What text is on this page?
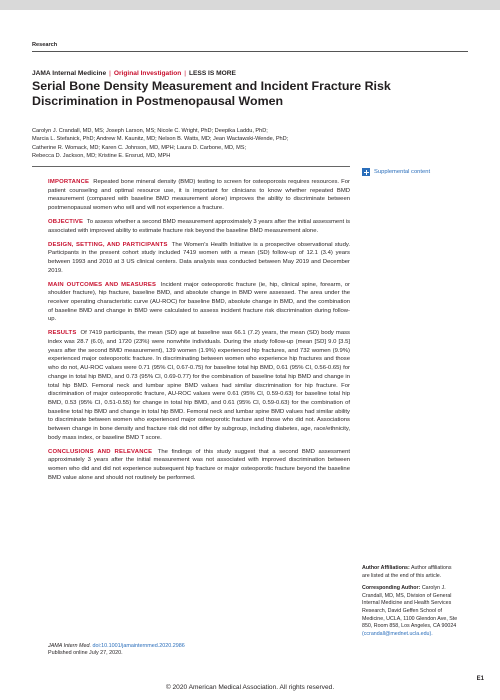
Research
JAMA Internal Medicine | Original Investigation | LESS IS MORE
Serial Bone Density Measurement and Incident Fracture Risk Discrimination in Postmenopausal Women
Carolyn J. Crandall, MD, MS; Joseph Larson, MS; Nicole C. Wright, PhD; Deepika Laddu, PhD;
Marcia L. Stefanick, PhD; Andrew M. Kaunitz, MD; Nelson B. Watts, MD; Jean Wactawski-Wende, PhD;
Catherine R. Womack, MD; Karen C. Johnson, MD, MPH; Laura D. Carbone, MD, MS;
Rebecca D. Jackson, MD; Kristine E. Ensrud, MD, MPH

IMPORTANCE Repeated bone mineral density (BMD) testing to screen for osteoporosis requires resources. For patient counseling and optimal resource use, it is important for clinicians to know whether repeated BMD measurement (compared with baseline BMD measurement alone) improves the ability to discriminate between postmenopausal women who will and will not experience a fracture.

OBJECTIVE To assess whether a second BMD measurement approximately 3 years after the initial assessment is associated with improved ability to estimate fracture risk beyond the baseline BMD measurement alone.

DESIGN, SETTING, AND PARTICIPANTS The Women's Health Initiative is a prospective observational study. Participants in the present cohort study included 7419 women with a mean (SD) follow-up of 12.1 (3.4) years between 1993 and 2010 at 3 US clinical centers. Data analysis was conducted between May 2019 and December 2019.

MAIN OUTCOMES AND MEASURES Incident major osteoporotic fracture (ie, hip, clinical spine, forearm, or shoulder fracture), hip fracture, baseline BMD, and absolute change in BMD were assessed. The area under the receiver operating characteristic curve (AU-ROC) for baseline BMD, absolute change in BMD, and the combination of baseline BMD and change in BMD were calculated to assess incident fracture risk discrimination during follow-up.

RESULTS Of 7419 participants, the mean (SD) age at baseline was 66.1 (7.2) years, the mean (SD) body mass index was 28.7 (6.0), and 1720 (23%) were nonwhite individuals. During the study follow-up (mean [SD] 9.0 [3.5] years after the second BMD measurement), 139 women (1.9%) experienced hip fractures, and 732 women (9.9%) experienced major osteoporotic fracture. In discriminating between women who experience hip fractures and those who do not, AU-ROC values were 0.71 (95% CI, 0.67-0.75) for baseline total hip BMD, 0.61 (95% CI, 0.56-0.65) for change in total hip BMD, and 0.73 (95% CI, 0.69-0.77) for the combination of baseline total hip BMD and change in total hip BMD. Femoral neck and lumbar spine BMD values had similar discrimination for hip fracture. For discrimination of major osteoporotic fracture, AU-ROC values were 0.61 (95% CI, 0.59-0.63) for baseline total hip BMD, 0.53 (95% CI, 0.51-0.55) for change in total hip BMD, and 0.61 (95% CI, 0.59-0.63) for the combination of baseline total hip BMD and change in total hip BMD. Femoral neck and lumbar spine BMD values had similar ability to discriminate between women who experienced major osteoporotic fracture and those who did not. Associations between change in bone density and fracture risk did not differ by subgroup, including diabetes, age, race/ethnicity, body mass index, or baseline BMD T score.

CONCLUSIONS AND RELEVANCE The findings of this study suggest that a second BMD assessment approximately 3 years after the initial measurement was not associated with improved discrimination between women who did and did not experience subsequent hip fracture or major osteoporotic fracture beyond the baseline BMD value alone and should not routinely be performed.

Supplemental content

Author Affiliations: Author affiliations are listed at the end of this article.

Corresponding Author: Carolyn J. Crandall, MD, MS, Division of General Internal Medicine and Health Services Research, David Geffen School of Medicine, UCLA, 1100 Glendon Ave, Ste 850, Room 858, Los Angeles, CA 90024 (ccrandall@mednet.ucla.edu).

JAMA Intern Med. doi:10.1001/jamainternmed.2020.2986
Published online July 27, 2020.
© 2020 American Medical Association. All rights reserved.
E1
